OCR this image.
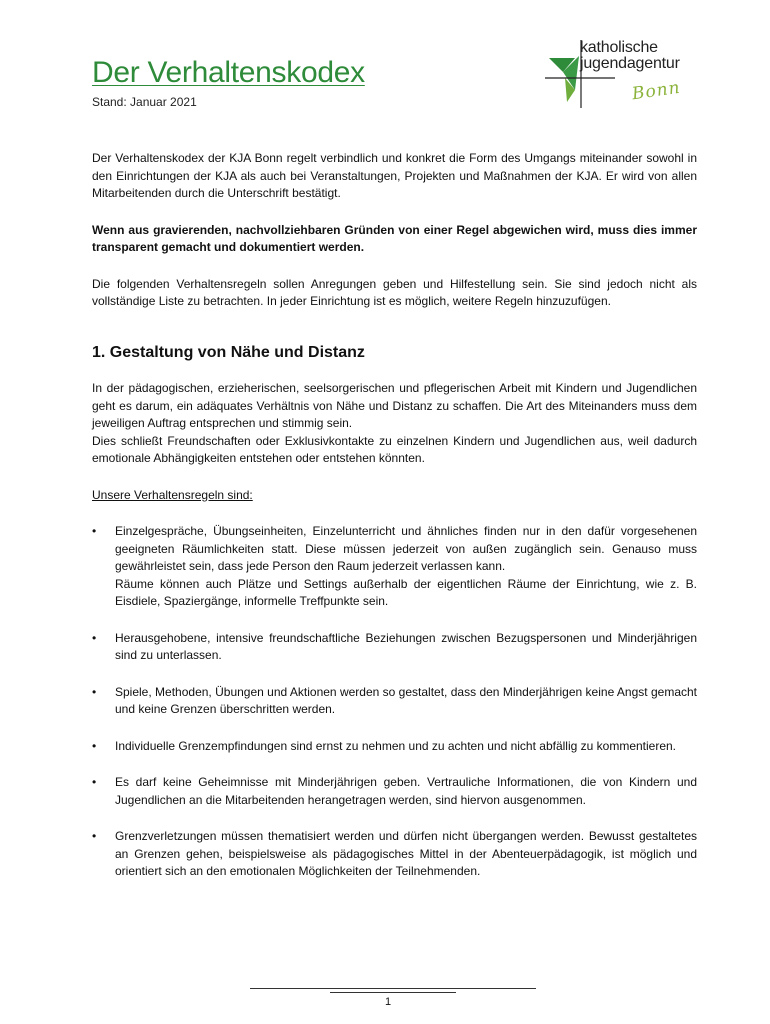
Der Verhaltenskodex
Stand: Januar 2021
katholische
jugendagentur
Bonn

Der Verhaltenskodex der KJA Bonn regelt verbindlich und konkret die Form des Umgangs miteinander sowohl in den Einrichtungen der KJA als auch bei Veranstaltungen, Projekten und Maßnahmen der KJA. Er wird von allen Mitarbeitenden durch die Unterschrift bestätigt.

Wenn aus gravierenden, nachvollziehbaren Gründen von einer Regel abgewichen wird, muss dies immer transparent gemacht und dokumentiert werden.

Die folgenden Verhaltensregeln sollen Anregungen geben und Hilfestellung sein. Sie sind jedoch nicht als vollständige Liste zu betrachten. In jeder Einrichtung ist es möglich, weitere Regeln hinzuzufügen.

1. Gestaltung von Nähe und Distanz

In der pädagogischen, erzieherischen, seelsorgerischen und pflegerischen Arbeit mit Kindern und Jugendlichen geht es darum, ein adäquates Verhältnis von Nähe und Distanz zu schaffen. Die Art des Miteinanders muss dem jeweiligen Auftrag entsprechen und stimmig sein.

Dies schließt Freundschaften oder Exklusivkontakte zu einzelnen Kindern und Jugendlichen aus, weil dadurch emotionale Abhängigkeiten entstehen oder entstehen könnten.

Unsere Verhaltensregeln sind:

• Einzelgespräche, Übungseinheiten, Einzelunterricht und ähnliches finden nur in den dafür vorgesehenen geeigneten Räumlichkeiten statt. Diese müssen jederzeit von außen zugänglich sein. Genauso muss gewährleistet sein, dass jede Person den Raum jederzeit verlassen kann.
Räume können auch Plätze und Settings außerhalb der eigentlichen Räume der Einrichtung, wie z. B. Eisdiele, Spaziergänge, informelle Treffpunkte sein.
• Herausgehobene, intensive freundschaftliche Beziehungen zwischen Bezugspersonen und Minderjährigen sind zu unterlassen.
• Spiele, Methoden, Übungen und Aktionen werden so gestaltet, dass den Minderjährigen keine Angst gemacht und keine Grenzen überschritten werden.
• Individuelle Grenzempfindungen sind ernst zu nehmen und zu achten und nicht abfällig zu kommentieren.
• Es darf keine Geheimnisse mit Minderjährigen geben. Vertrauliche Informationen, die von Kindern und Jugendlichen an die Mitarbeitenden herangetragen werden, sind hiervon ausgenommen.
• Grenzverletzungen müssen thematisiert werden und dürfen nicht übergangen werden. Bewusst gestaltetes an Grenzen gehen, beispielsweise als pädagogisches Mittel in der Abenteuerpädagogik, ist möglich und orientiert sich an den emotionalen Möglichkeiten der Teilnehmenden.
1
